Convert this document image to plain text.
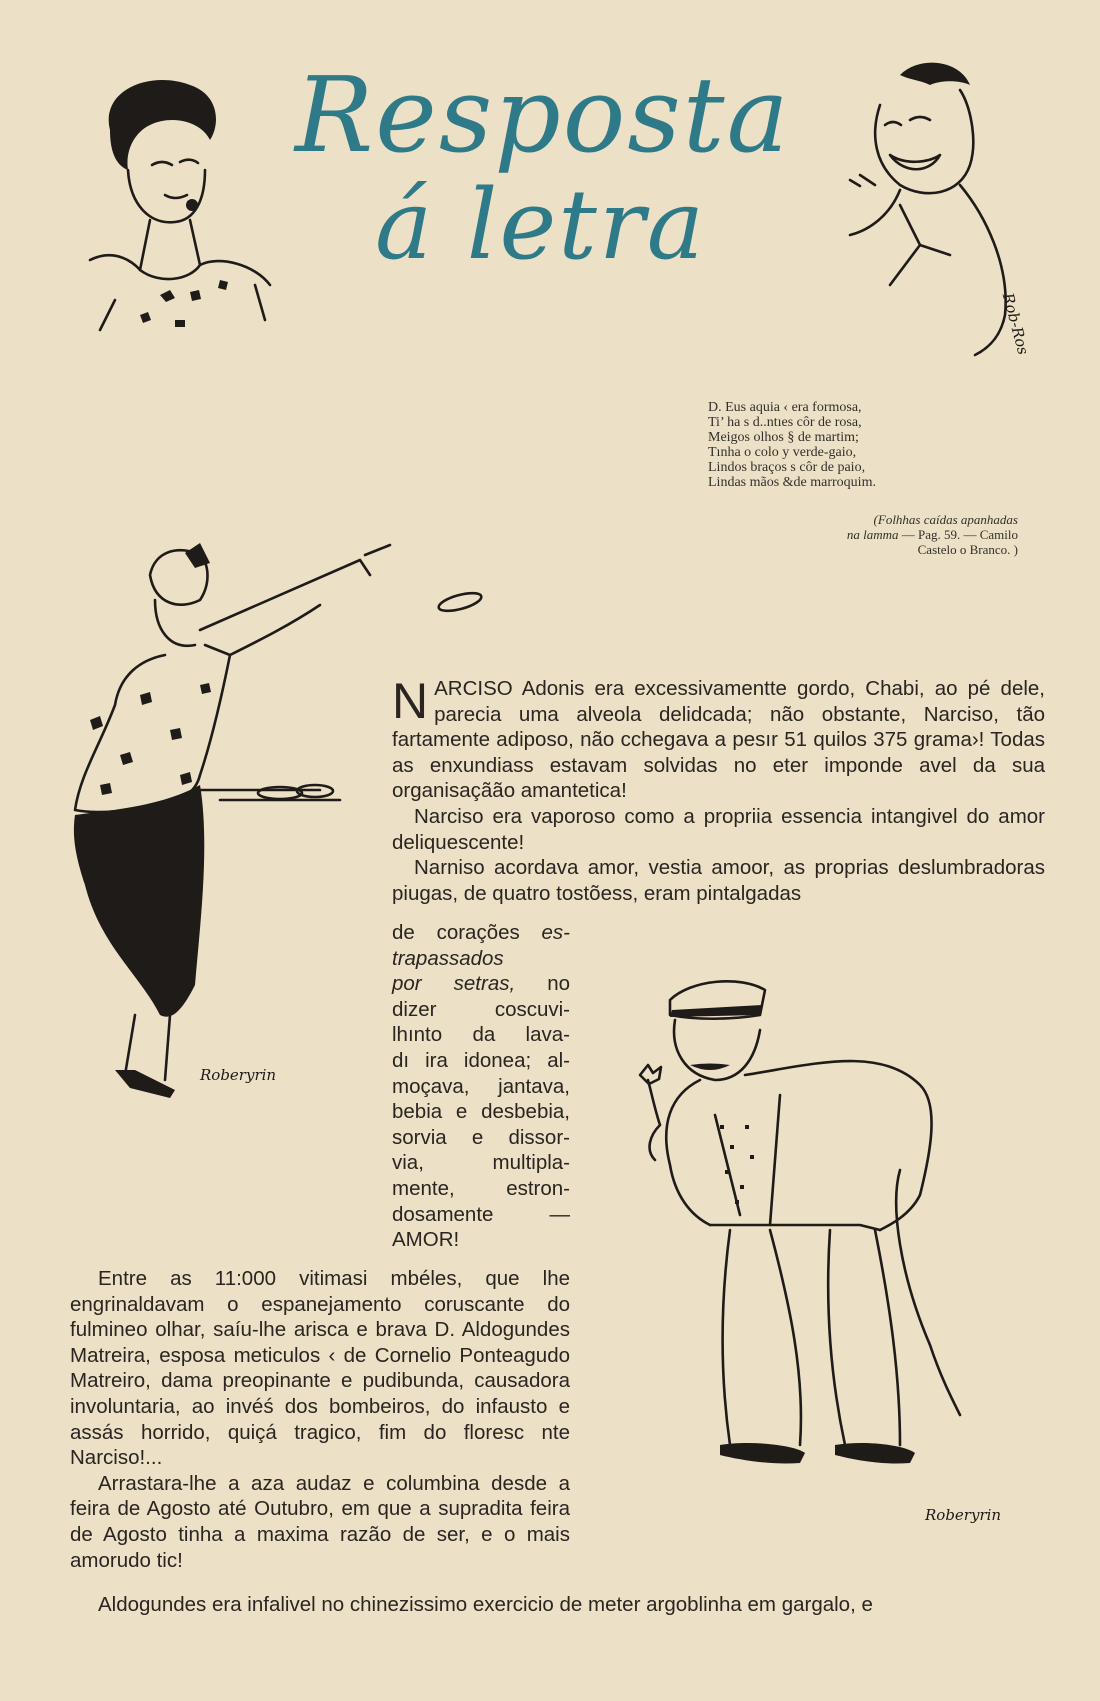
Rob-Ros
Resposta
á letra
D. Eus aquia ‹ era formosa,
Ti’ ha s d..ntıes côr de rosa,
Meigos olhos § de martim;
Tınha o colo y verde-gaio,
Lindos braços s côr de paio,
Lindas mãos &de marroquim.
(Folhhas caídas apanhadas
na lamma — Pag. 59. — Camilo
Castelo o Branco. )
Roberyrin
Roberyrin

NARCISO Adonis era excessivamentte gordo, Chabi, ao pé dele, parecia uma alveola delidcada; não obstante, Narciso, tão fartamente adiposo, não cchegava a pesır 51 quilos 375 grama›! Todas as enxundiass estavam solvidas no eter imponde avel da sua organisaçãão amantetica!

Narciso era vaporoso como a propriia essencia intangivel do amor deliquescente!

Narniso acordava amor, vestia amoor, as proprias deslumbradoras piugas, de quatro tostõess, eram pintalgadas

de corações es-
trapassados
por setras, no
dizer coscuvi-
lhınto da lava-
dı ira idonea; al-
moçava, jantava,
bebia e desbebia,
sorvia e dissor-
via, multipla-
mente, estron-
dosamente —
AMOR!

Entre as 11:000 vitimasi mbéles, que lhe engrinaldavam o espanejamento coruscante do fulmineo olhar, saíu-lhe arisca e brava D. Aldogundes Matreira, esposa meticulos ‹ de Cornelio Ponteagudo Matreiro, dama preopinante e pudibunda, causadora involuntaria, ao invéś dos bombeiros, do infausto e assás horrido, quiçá tragico, fim do floresc nte Narciso!...

Arrastara-lhe a aza audaz e columbina desde a feira de Agosto até Outubro, em que a supradita feira de Agosto tinha a maxima razão de ser, e o mais amorudo tic!

Aldogundes era infalivel no chinezissimo exercicio de meter argoblinha em gargalo, e
